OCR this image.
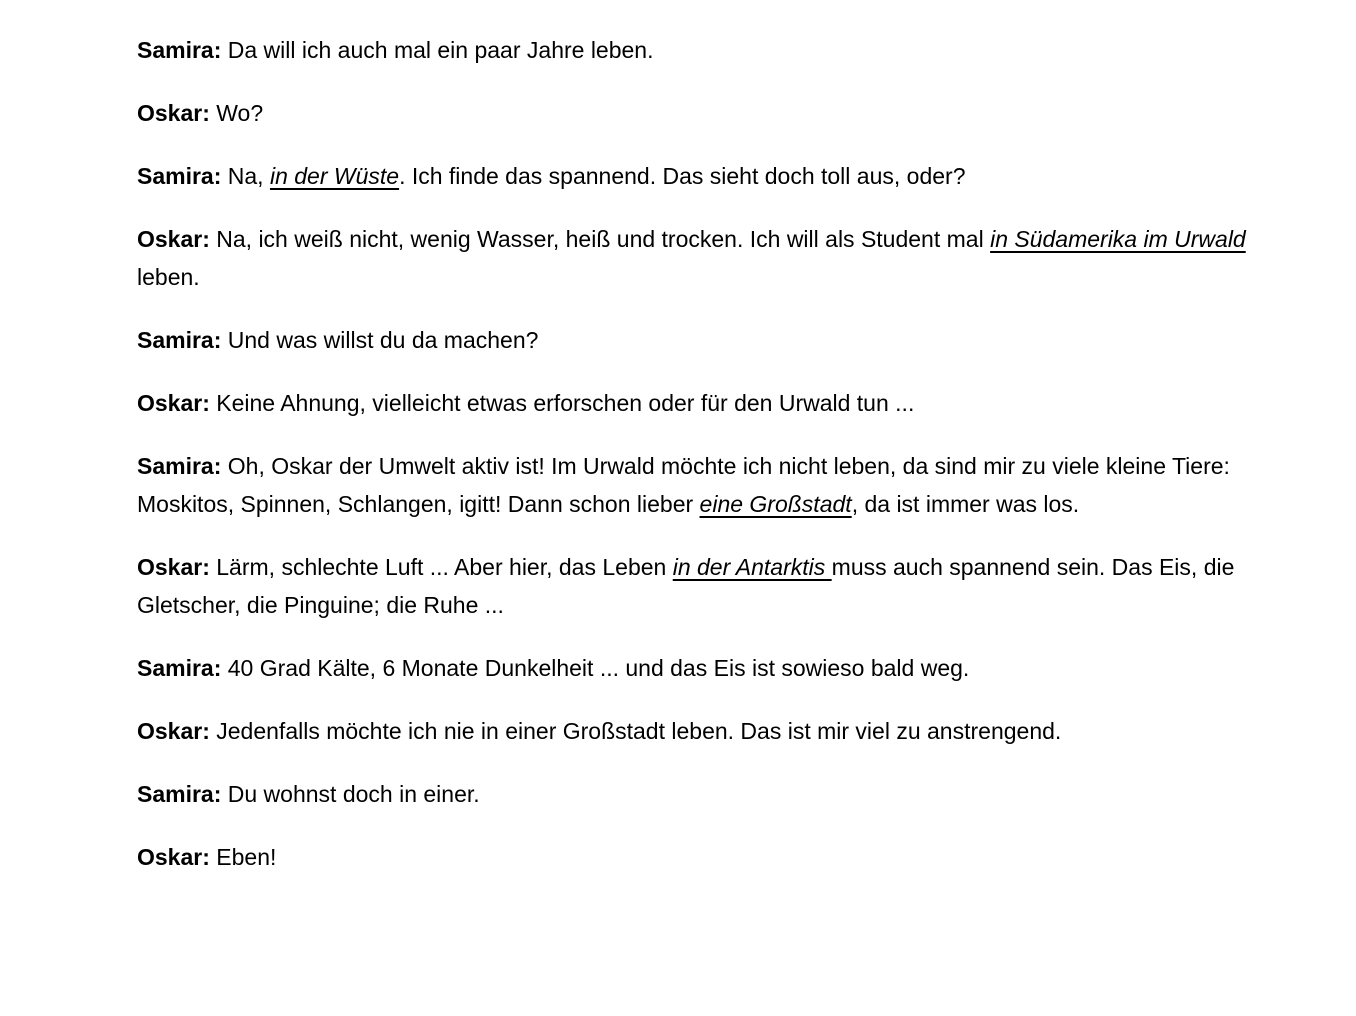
Samira: Da will ich auch mal ein paar Jahre leben.

Oskar: Wo?

Samira: Na, in der Wüste. Ich finde das spannend. Das sieht doch toll aus, oder?

Oskar: Na, ich weiß nicht, wenig Wasser, heiß und trocken. Ich will als Student mal in Südamerika im Urwald leben.

Samira: Und was willst du da machen?

Oskar: Keine Ahnung, vielleicht etwas erforschen oder für den Urwald tun ...

Samira: Oh, Oskar der Umwelt aktiv ist! Im Urwald möchte ich nicht leben, da sind mir zu viele kleine Tiere: Moskitos, Spinnen, Schlangen, igitt! Dann schon lieber eine Großstadt, da ist immer was los.

Oskar: Lärm, schlechte Luft ... Aber hier, das Leben in der Antarktis muss auch spannend sein. Das Eis, die Gletscher, die Pinguine; die Ruhe ...

Samira: 40 Grad Kälte, 6 Monate Dunkelheit ... und das Eis ist sowieso bald weg.

Oskar: Jedenfalls möchte ich nie in einer Großstadt leben. Das ist mir viel zu anstrengend.

Samira: Du wohnst doch in einer.

Oskar: Eben!
